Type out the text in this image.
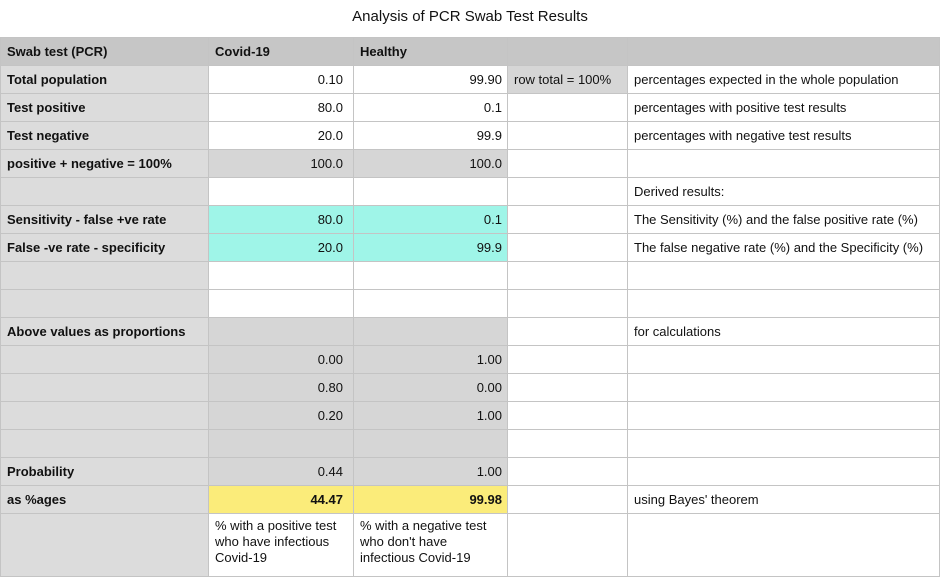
Analysis of PCR Swab Test Results
Swab test (PCR)	Covid-19	Healthy		
Total population	0.10	99.90	row total = 100%	percentages expected in the whole population
Test positive	80.0	0.1		percentages with positive test results
Test negative	20.0	99.9		percentages with negative test results
positive + negative = 100%	100.0	100.0		
				Derived results:
Sensitivity - false +ve rate	80.0	0.1		The Sensitivity (%) and the false positive rate (%)
False -ve rate - specificity	20.0	99.9		The false negative rate (%) and the Specificity (%)

Above values as proportions				for calculations
	0.00	1.00		
	0.80	0.00		
	0.20	1.00		

Probability	0.44	1.00		
as %ages	44.47	99.98		using Bayes' theorem
	% with a positive test who have infectious Covid-19	% with a negative test who don't have infectious Covid-19		
